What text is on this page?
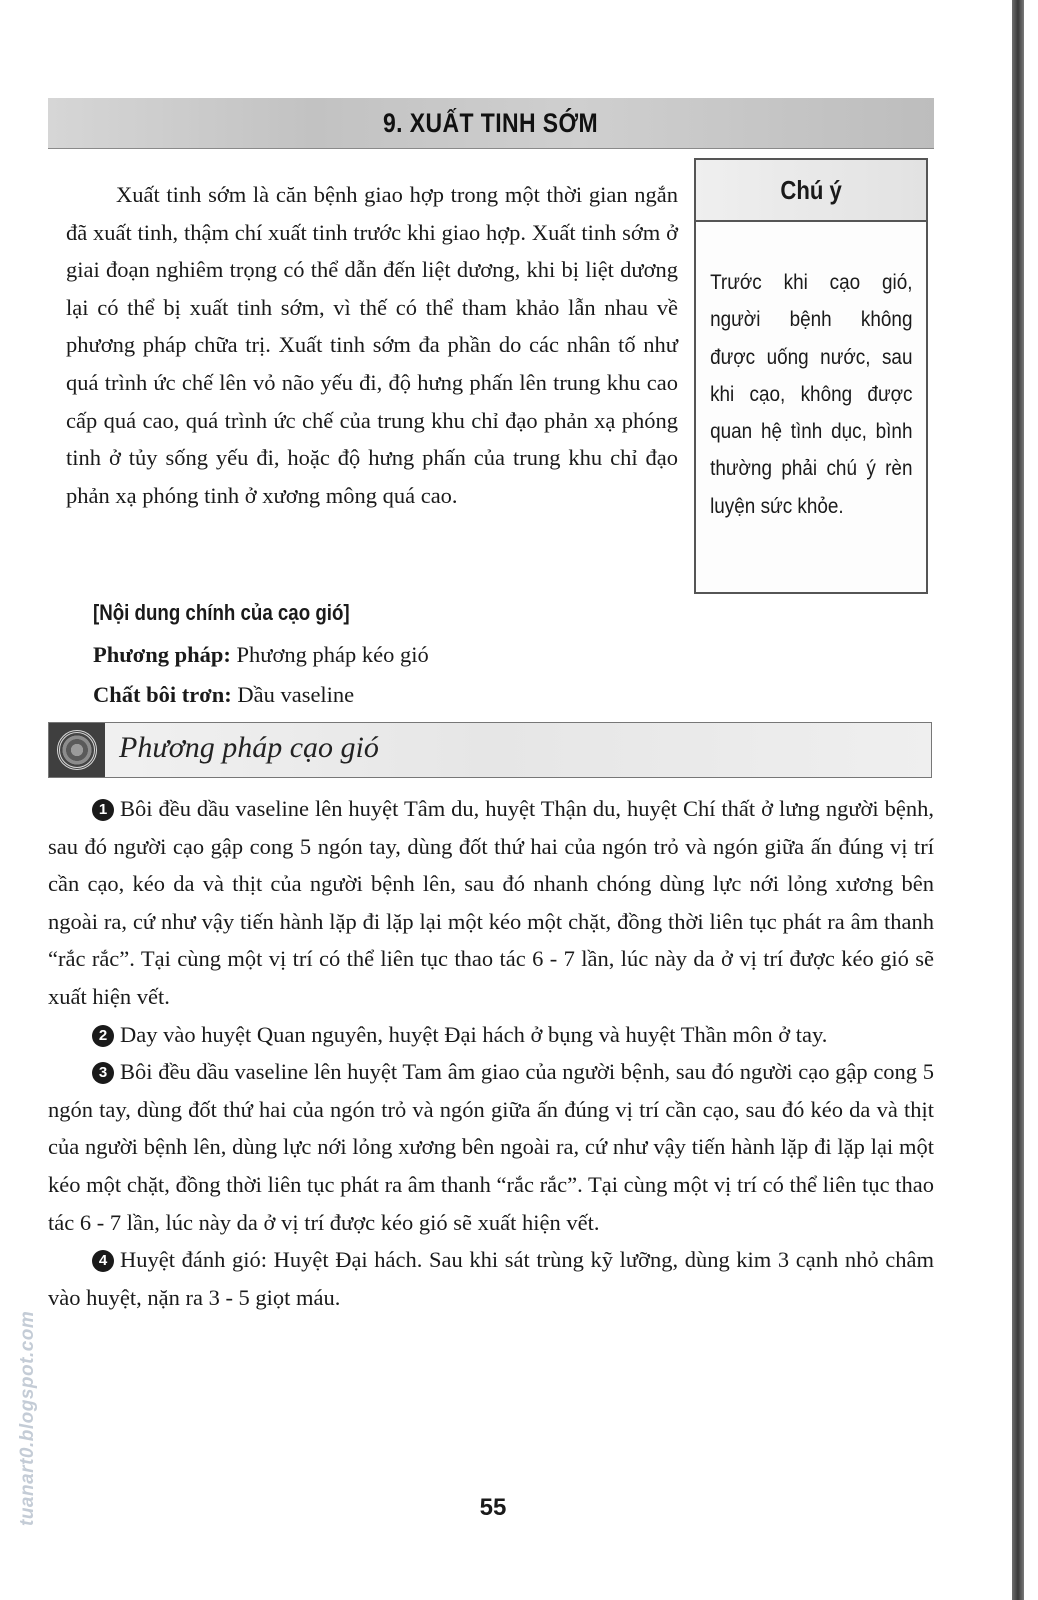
9. XUẤT TINH SỚM

Xuất tinh sớm là căn bệnh giao hợp trong một thời gian ngắn đã xuất tinh, thậm chí xuất tinh trước khi giao hợp. Xuất tinh sớm ở giai đoạn nghiêm trọng có thể dẫn đến liệt dương, khi bị liệt dương lại có thể bị xuất tinh sớm, vì thế có thể tham khảo lẫn nhau về phương pháp chữa trị. Xuất tinh sớm đa phần do các nhân tố như quá trình ức chế lên vỏ não yếu đi, độ hưng phấn lên trung khu cao cấp quá cao, quá trình ức chế của trung khu chỉ đạo phản xạ phóng tinh ở tủy sống yếu đi, hoặc độ hưng phấn của trung khu chỉ đạo phản xạ phóng tinh ở xương mông quá cao.

Chú ý

Trước khi cạo gió, người bệnh không được uống nước, sau khi cạo, không được quan hệ tình dục, bình thường phải chú ý rèn luyện sức khỏe.

[Nội dung chính của cạo gió]
Phương pháp: Phương pháp kéo gió
Chất bôi trơn: Dầu vaseline
Phương pháp cạo gió

1 Bôi đều dầu vaseline lên huyệt Tâm du, huyệt Thận du, huyệt Chí thất ở lưng người bệnh, sau đó người cạo gập cong 5 ngón tay, dùng đốt thứ hai của ngón trỏ và ngón giữa ấn đúng vị trí cần cạo, kéo da và thịt của người bệnh lên, sau đó nhanh chóng dùng lực nới lỏng xương bên ngoài ra, cứ như vậy tiến hành lặp đi lặp lại một kéo một chặt, đồng thời liên tục phát ra âm thanh “rắc rắc”. Tại cùng một vị trí có thể liên tục thao tác 6 - 7 lần, lúc này da ở vị trí được kéo gió sẽ xuất hiện vết.

2 Day vào huyệt Quan nguyên, huyệt Đại hách ở bụng và huyệt Thần môn ở tay.

3 Bôi đều dầu vaseline lên huyệt Tam âm giao của người bệnh, sau đó người cạo gập cong 5 ngón tay, dùng đốt thứ hai của ngón trỏ và ngón giữa ấn đúng vị trí cần cạo, sau đó kéo da và thịt của người bệnh lên, dùng lực nới lỏng xương bên ngoài ra, cứ như vậy tiến hành lặp đi lặp lại một kéo một chặt, đồng thời liên tục phát ra âm thanh “rắc rắc”. Tại cùng một vị trí có thể liên tục thao tác 6 - 7 lần, lúc này da ở vị trí được kéo gió sẽ xuất hiện vết.

4 Huyệt đánh gió: Huyệt Đại hách. Sau khi sát trùng kỹ lưỡng, dùng kim 3 cạnh nhỏ châm vào huyệt, nặn ra 3 - 5 giọt máu.

55
tuanart0.blogspot.com
